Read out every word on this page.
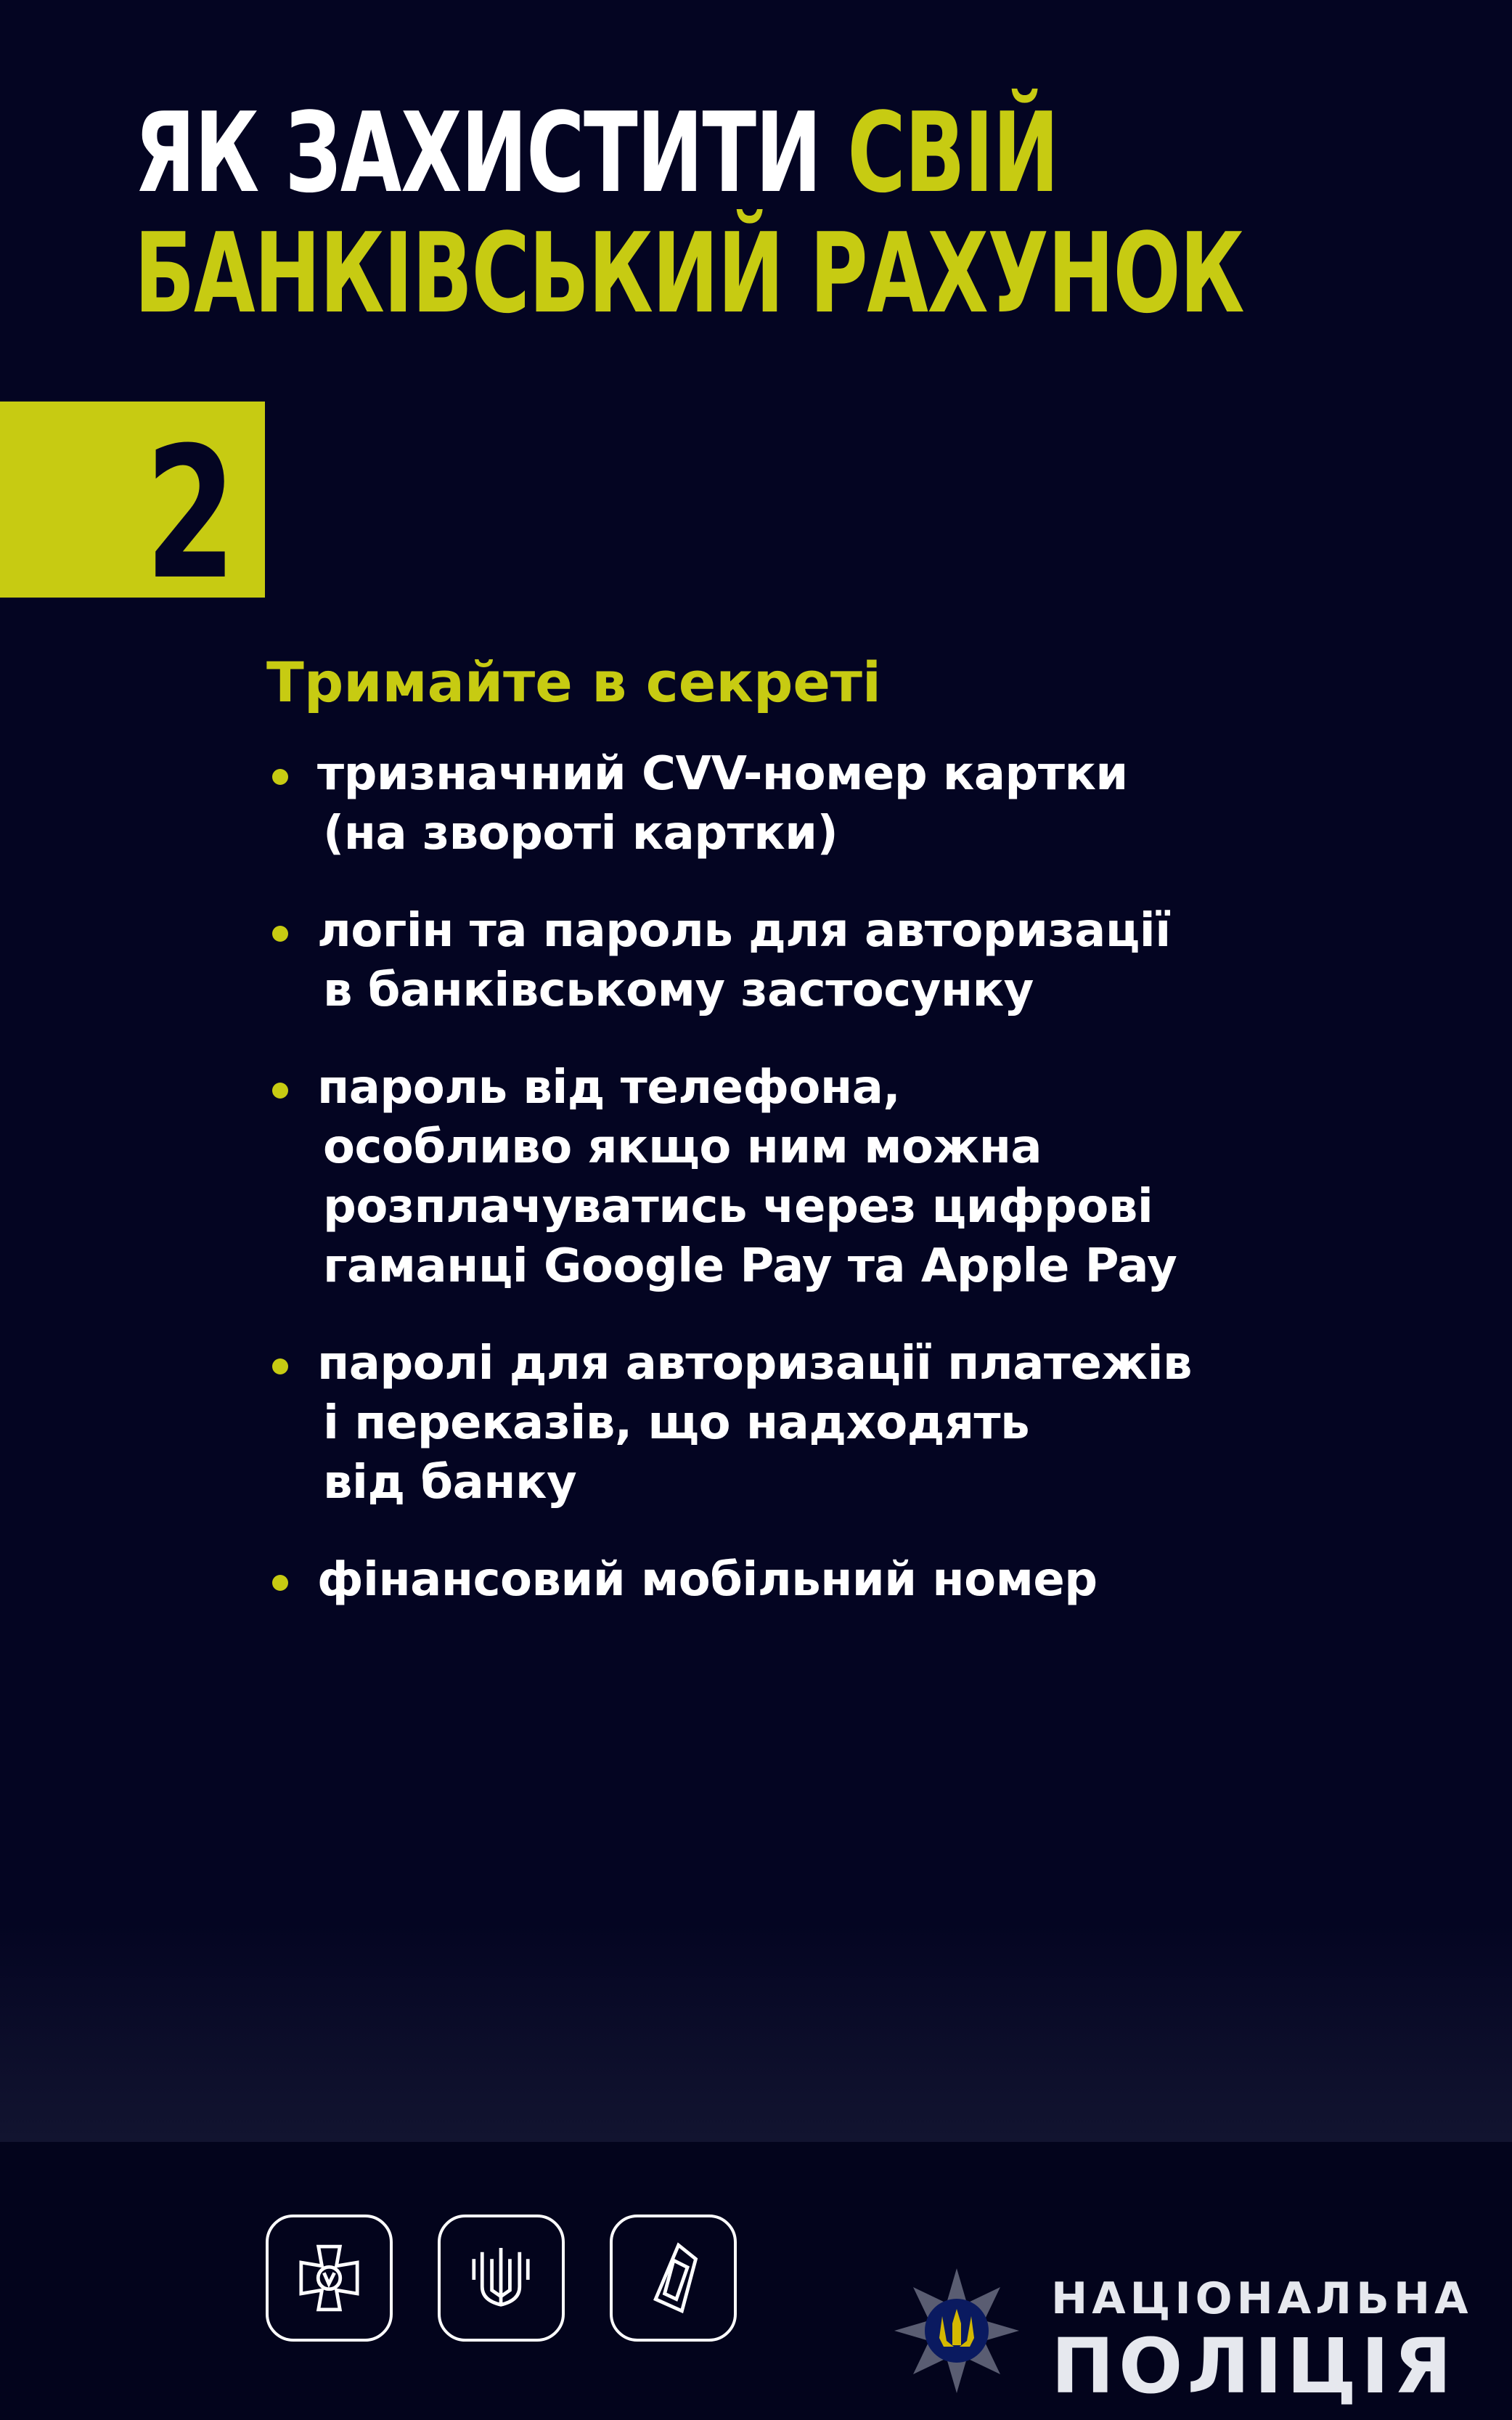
ЯК ЗАХИСТИТИ СВІЙ
БАНКІВСЬКИЙ РАХУНОК
2
Тримайте в секреті
тризначний CVV-номер картки
(на звороті картки)
логін та пароль для авторизації
в банківському застосунку
пароль від телефона,
особливо якщо ним можна
розплачуватись через цифрові
гаманці Google Pay та Apple Pay
паролі для авторизації платежів
і переказів, що надходять
від банку
фінансовий мобільний номер
НАЦІОНАЛЬНА
ПОЛІЦІЯ
